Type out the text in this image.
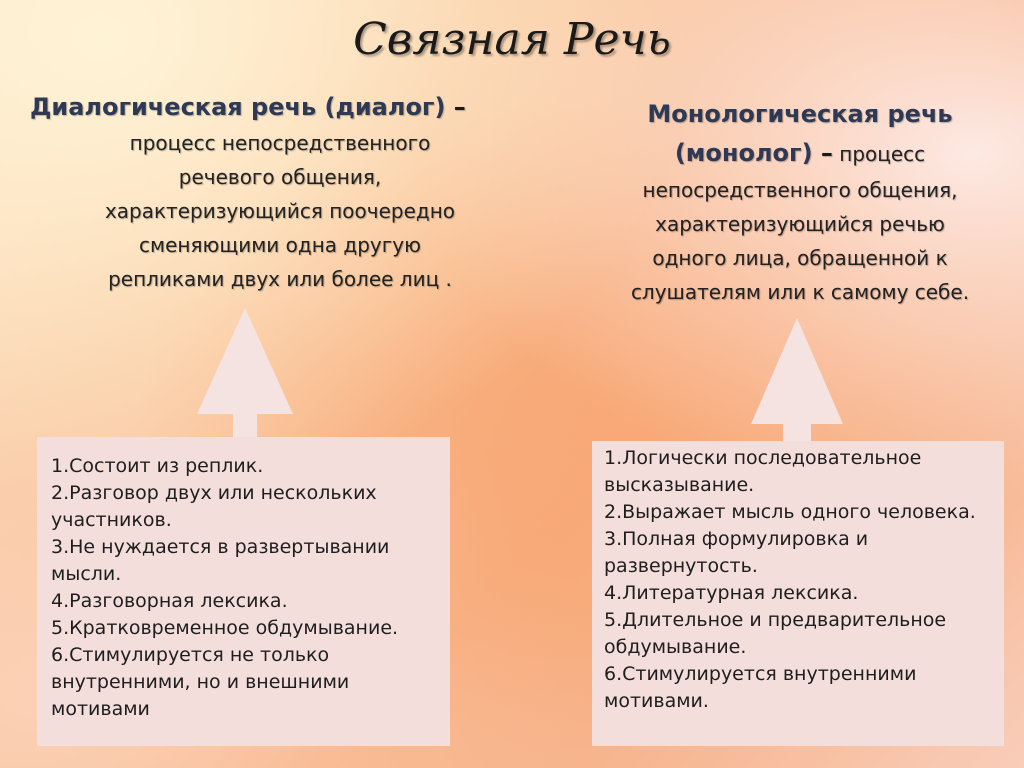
Связная Речь
Диалогическая речь (диалог) –
процесс непосредственного
речевого общения,
характеризующийся поочередно
сменяющими одна другую
репликами двух или более лиц .
Монологическая речь
(монолог) – процесс
непосредственного общения,
характеризующийся речью
одного лица, обращенной к
слушателям или к самому себе.
1.Состоит из реплик.
2.Разговор двух или нескольких участников.
3.Не нуждается в развертывании мысли.
4.Разговорная лексика.
5.Кратковременное обдумывание.
6.Стимулируется не только внутренними, но и внешними мотивами
1.Логически последовательное высказывание.
2.Выражает мысль одного человека.
3.Полная формулировка и развернутость.
4.Литературная лексика.
5.Длительное и предварительное обдумывание.
6.Стимулируется внутренними мотивами.
